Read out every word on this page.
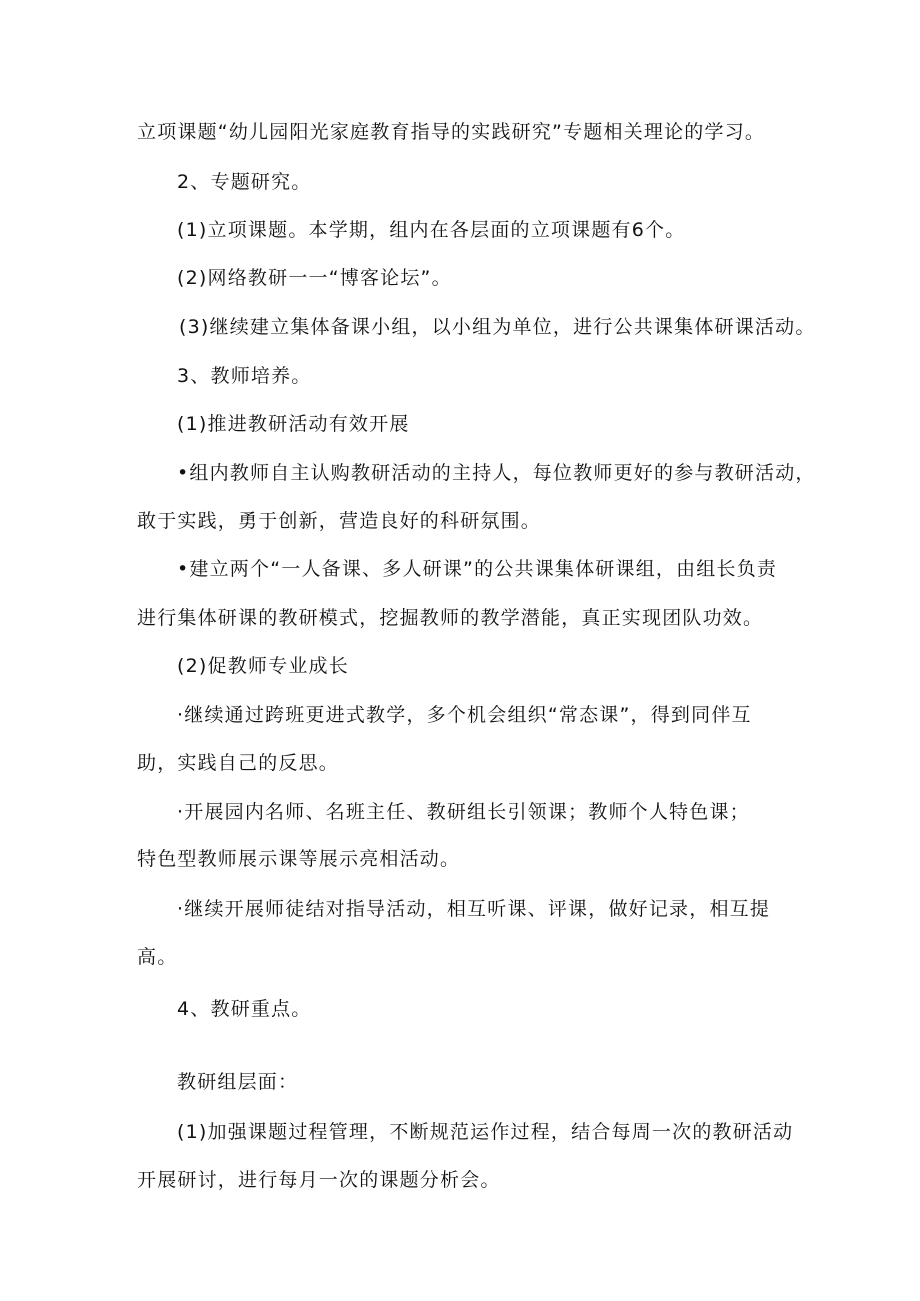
立项课题“幼儿园阳光家庭教育指导的实践研究”专题相关理论的学习。
2、专题研究。
(1)立项课题。本学期，组内在各层面的立项课题有6个。
(2)网络教研一一“博客论坛”。
(3)继续建立集体备课小组，以小组为单位，进行公共课集体研课活动。
3、教师培养。
(1)推进教研活动有效开展
•组内教师自主认购教研活动的主持人，每位教师更好的参与教研活动，
敢于实践，勇于创新，营造良好的科研氛围。
•建立两个“一人备课、多人研课”的公共课集体研课组，由组长负责
进行集体研课的教研模式，挖掘教师的教学潜能，真正实现团队功效。
(2)促教师专业成长
·继续通过跨班更进式教学，多个机会组织“常态课”，得到同伴互
助，实践自己的反思。
·开展园内名师、名班主任、教研组长引领课；教师个人特色课；
特色型教师展示课等展示亮相活动。
·继续开展师徒结对指导活动，相互听课、评课，做好记录，相互提
高。
4、教研重点。
教研组层面：
(1)加强课题过程管理，不断规范运作过程，结合每周一次的教研活动
开展研讨，进行每月一次的课题分析会。
